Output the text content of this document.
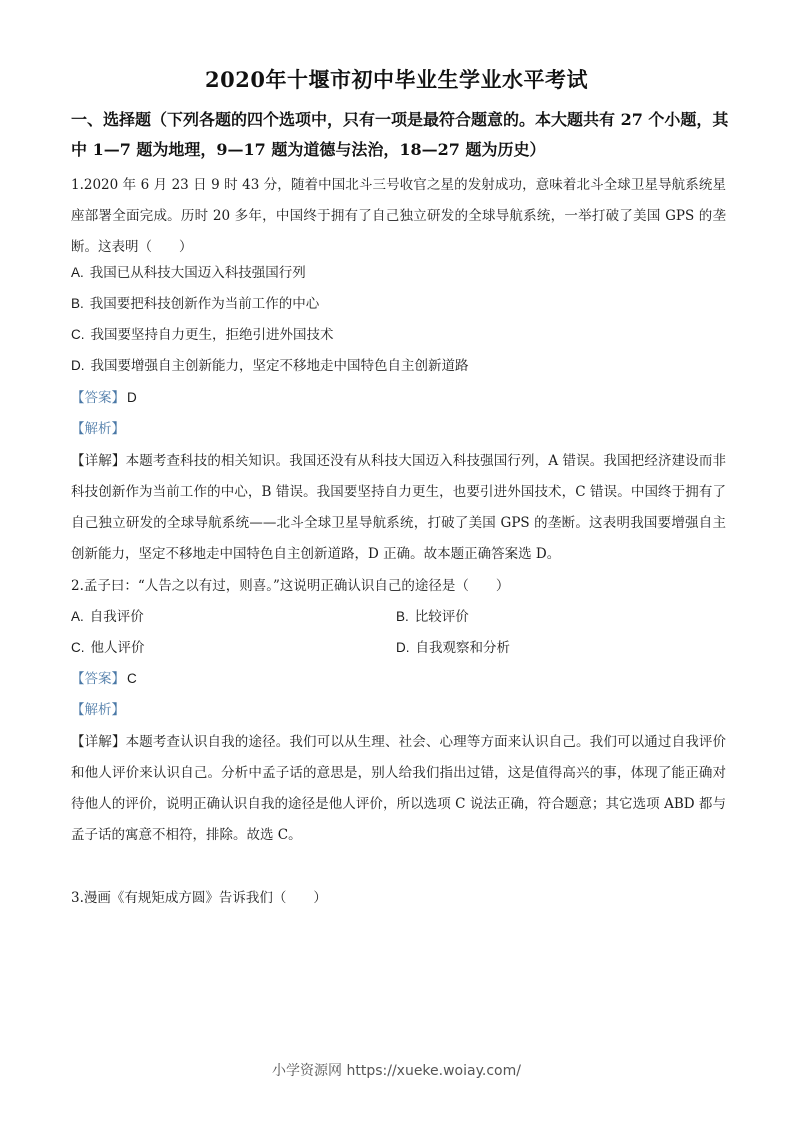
2020年十堰市初中毕业生学业水平考试
一、选择题（下列各题的四个选项中，只有一项是最符合题意的。本大题共有 27 个小题，其中 1—7 题为地理，9—17 题为道德与法治，18—27 题为历史）
1.2020 年 6 月 23 日 9 时 43 分，随着中国北斗三号收官之星的发射成功，意味着北斗全球卫星导航系统星座部署全面完成。历时 20 多年，中国终于拥有了自己独立研发的全球导航系统，一举打破了美国 GPS 的垄断。这表明（　　）
A. 我国已从科技大国迈入科技强国行列
B. 我国要把科技创新作为当前工作的中心
C. 我国要坚持自力更生，拒绝引进外国技术
D. 我国要增强自主创新能力，坚定不移地走中国特色自主创新道路
【答案】 D
【解析】
【详解】本题考查科技的相关知识。我国还没有从科技大国迈入科技强国行列，A 错误。我国把经济建设而非科技创新作为当前工作的中心，B 错误。我国要坚持自力更生，也要引进外国技术，C 错误。中国终于拥有了自己独立研发的全球导航系统——北斗全球卫星导航系统，打破了美国 GPS 的垄断。这表明我国要增强自主创新能力，坚定不移地走中国特色自主创新道路，D 正确。故本题正确答案选 D。
2.孟子曰：“人告之以有过，则喜。”这说明正确认识自己的途径是（　　）
A. 自我评价	B. 比较评价
C. 他人评价	D. 自我观察和分析
【答案】 C
【解析】
【详解】本题考查认识自我的途径。我们可以从生理、社会、心理等方面来认识自己。我们可以通过自我评价和他人评价来认识自己。分析中孟子话的意思是，别人给我们指出过错，这是值得高兴的事，体现了能正确对待他人的评价，说明正确认识自我的途径是他人评价，所以选项 C 说法正确，符合题意；其它选项 ABD 都与孟子话的寓意不相符，排除。故选 C。
3.漫画《有规矩成方圆》告诉我们（　　）
小学资源网 https://xueke.woiay.com/
